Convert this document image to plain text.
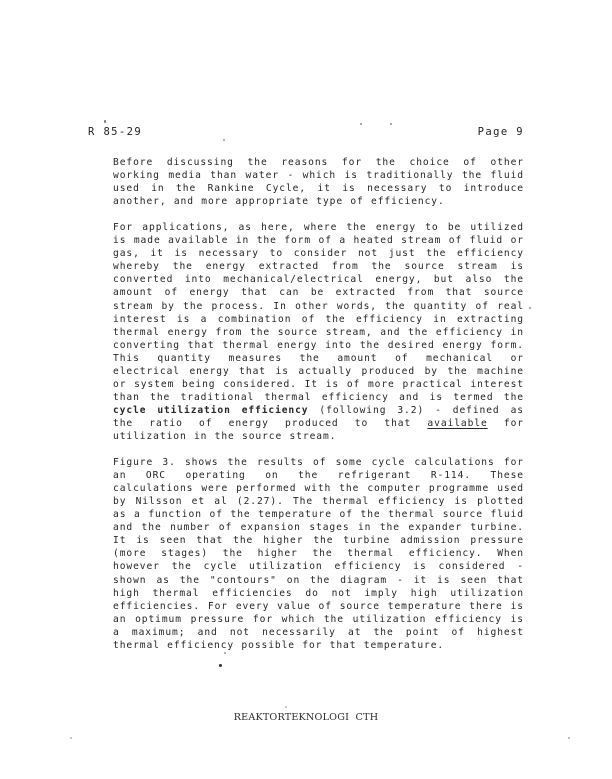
R 85-29	Page 9

Before discussing the reasons for the choice of other working media than water - which is traditionally the fluid used in the Rankine Cycle, it is necessary to introduce another, and more appropriate type of efficiency.

For applications, as here, where the energy to be utilized is made available in the form of a heated stream of fluid or gas, it is necessary to consider not just the efficiency whereby the energy extracted from the source stream is converted into mechanical/electrical energy, but also the amount of energy that can be extracted from that source stream by the process. In other words, the quantity of real interest is a combination of the efficiency in extracting thermal energy from the source stream, and the efficiency in converting that thermal energy into the desired energy form. This quantity measures the amount of mechanical or electrical energy that is actually produced by the machine or system being considered. It is of more practical interest than the traditional thermal efficiency and is termed the cycle utilization efficiency (following 3.2) - defined as the ratio of energy produced to that available for utilization in the source stream.

Figure 3. shows the results of some cycle calculations for an ORC operating on the refrigerant R-114. These calculations were performed with the computer programme used by Nilsson et al (2.27). The thermal efficiency is plotted as a function of the temperature of the thermal source fluid and the number of expansion stages in the expander turbine. It is seen that the higher the turbine admission pressure (more stages) the higher the thermal efficiency. When however the cycle utilization efficiency is considered - shown as the "contours" on the diagram - it is seen that high thermal efficiencies do not imply high utilization efficiencies. For every value of source temperature there is an optimum pressure for which the utilization efficiency is a maximum; and not necessarily at the point of highest thermal efficiency possible for that temperature.

REAKTORTEKNOLOGI  CTH
